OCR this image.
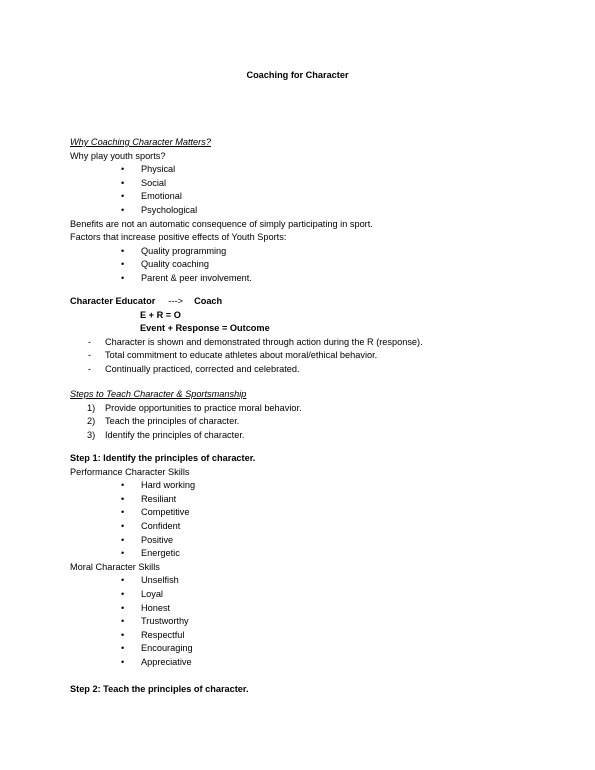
Coaching for Character
Why Coaching Character Matters?
Why play youth sports?
• Physical
• Social
• Emotional
• Psychological
Benefits are not an automatic consequence of simply participating in sport.
Factors that increase positive effects of Youth Sports:
• Quality programming
• Quality coaching
• Parent & peer involvement.
Character Educator ---> Coach
E + R = O
Event + Response = Outcome
- Character is shown and demonstrated through action during the R (response).
- Total commitment to educate athletes about moral/ethical behavior.
- Continually practiced, corrected and celebrated.
Steps to Teach Character & Sportsmanship
1) Provide opportunities to practice moral behavior.
2) Teach the principles of character.
3) Identify the principles of character.
Step 1: Identify the principles of character.
Performance Character Skills
• Hard working
• Resiliant
• Competitive
• Confident
• Positive
• Energetic
Moral Character Skills
• Unselfish
• Loyal
• Honest
• Trustworthy
• Respectful
• Encouraging
• Appreciative
Step 2: Teach the principles of character.
